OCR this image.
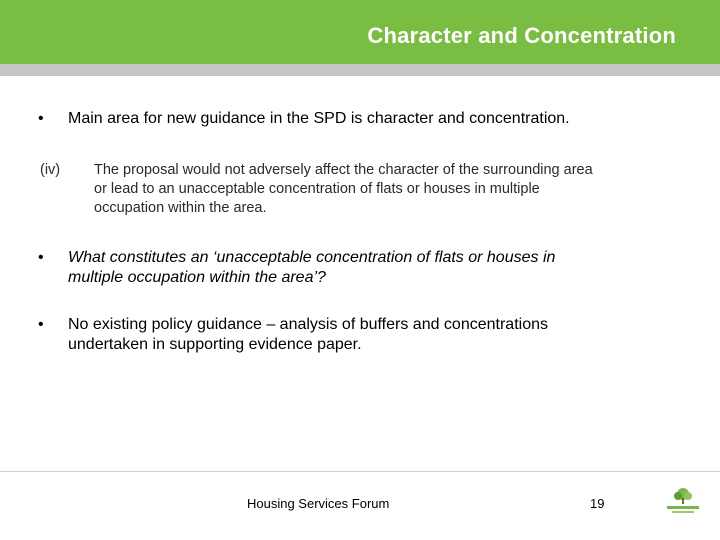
Character and Concentration
• Main area for new guidance in the SPD is character and concentration.
(iv) The proposal would not adversely affect the character of the surrounding area
or lead to an unacceptable concentration of flats or houses in multiple
occupation within the area.
• What constitutes an ‘unacceptable concentration of flats or houses in
multiple occupation within the area’?
• No existing policy guidance – analysis of buffers and concentrations
undertaken in supporting evidence paper.
Housing Services Forum	19
